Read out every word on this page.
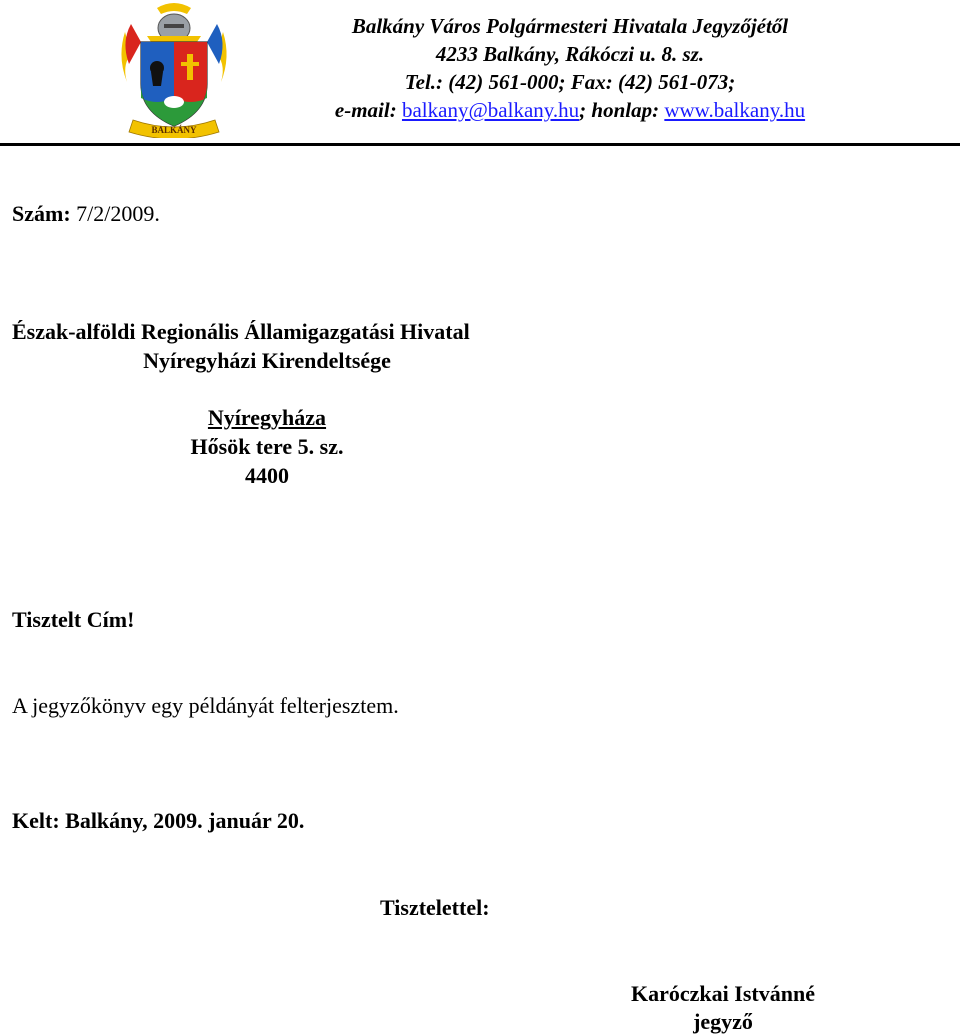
BALKÁNY
Balkány Város Polgármesteri Hivatala Jegyzőjétől
4233 Balkány, Rákóczi u. 8. sz.
Tel.: (42) 561-000; Fax: (42) 561-073;
e-mail: balkany@balkany.hu; honlap: www.balkany.hu
Szám: 7/2/2009.
Észak-alföldi Regionális Államigazgatási Hivatal
Nyíregyházi Kirendeltsége
Nyíregyháza
Hősök tere 5. sz.
4400
Tisztelt Cím!
A jegyzőkönyv egy példányát felterjesztem.
Kelt: Balkány, 2009. január 20.
Tisztelettel:
Karóczkai Istvánné
jegyző
